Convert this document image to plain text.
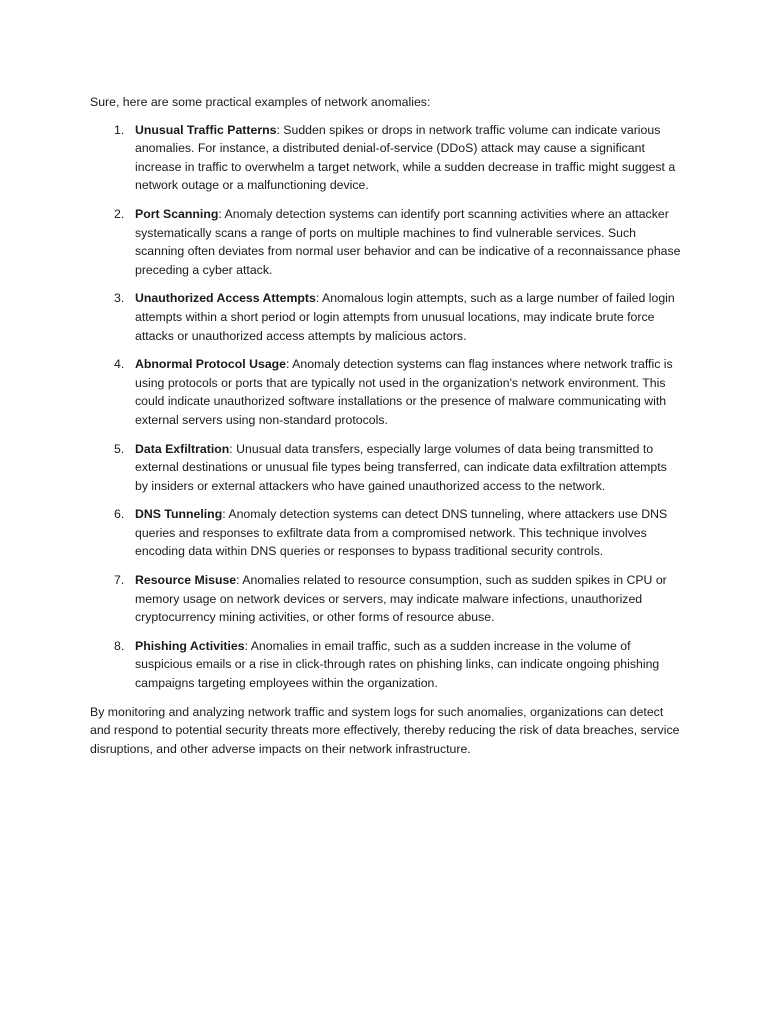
Sure, here are some practical examples of network anomalies:

1. Unusual Traffic Patterns: Sudden spikes or drops in network traffic volume can indicate various anomalies. For instance, a distributed denial-of-service (DDoS) attack may cause a significant increase in traffic to overwhelm a target network, while a sudden decrease in traffic might suggest a network outage or a malfunctioning device.
2. Port Scanning: Anomaly detection systems can identify port scanning activities where an attacker systematically scans a range of ports on multiple machines to find vulnerable services. Such scanning often deviates from normal user behavior and can be indicative of a reconnaissance phase preceding a cyber attack.
3. Unauthorized Access Attempts: Anomalous login attempts, such as a large number of failed login attempts within a short period or login attempts from unusual locations, may indicate brute force attacks or unauthorized access attempts by malicious actors.
4. Abnormal Protocol Usage: Anomaly detection systems can flag instances where network traffic is using protocols or ports that are typically not used in the organization's network environment. This could indicate unauthorized software installations or the presence of malware communicating with external servers using non-standard protocols.
5. Data Exfiltration: Unusual data transfers, especially large volumes of data being transmitted to external destinations or unusual file types being transferred, can indicate data exfiltration attempts by insiders or external attackers who have gained unauthorized access to the network.
6. DNS Tunneling: Anomaly detection systems can detect DNS tunneling, where attackers use DNS queries and responses to exfiltrate data from a compromised network. This technique involves encoding data within DNS queries or responses to bypass traditional security controls.
7. Resource Misuse: Anomalies related to resource consumption, such as sudden spikes in CPU or memory usage on network devices or servers, may indicate malware infections, unauthorized cryptocurrency mining activities, or other forms of resource abuse.
8. Phishing Activities: Anomalies in email traffic, such as a sudden increase in the volume of suspicious emails or a rise in click-through rates on phishing links, can indicate ongoing phishing campaigns targeting employees within the organization.

By monitoring and analyzing network traffic and system logs for such anomalies, organizations can detect and respond to potential security threats more effectively, thereby reducing the risk of data breaches, service disruptions, and other adverse impacts on their network infrastructure.
